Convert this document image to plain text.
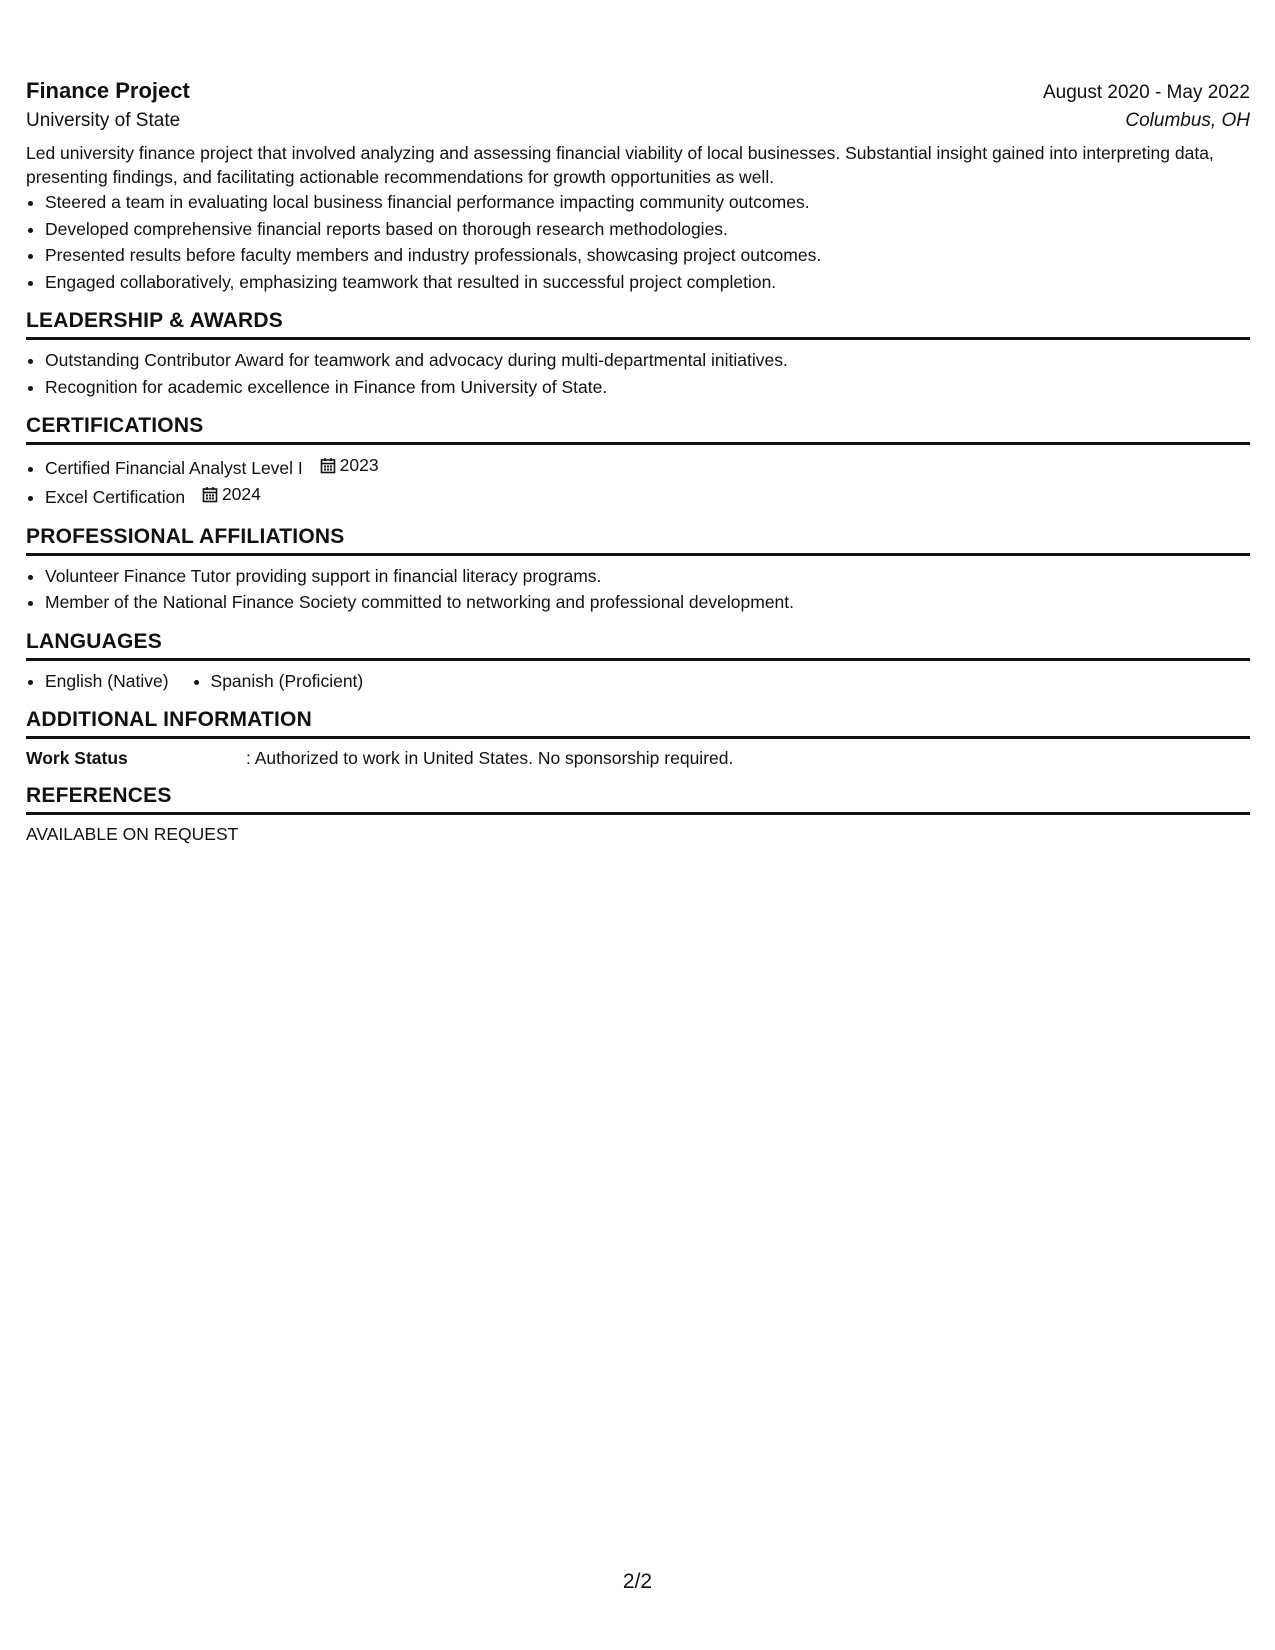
Finance Project	August 2020 - May 2022
University of State	Columbus, OH
Led university finance project that involved analyzing and assessing financial viability of local businesses. Substantial insight gained into interpreting data, presenting findings, and facilitating actionable recommendations for growth opportunities as well.
• Steered a team in evaluating local business financial performance impacting community outcomes.
• Developed comprehensive financial reports based on thorough research methodologies.
• Presented results before faculty members and industry professionals, showcasing project outcomes.
• Engaged collaboratively, emphasizing teamwork that resulted in successful project completion.
LEADERSHIP & AWARDS
• Outstanding Contributor Award for teamwork and advocacy during multi-departmental initiatives.
• Recognition for academic excellence in Finance from University of State.
CERTIFICATIONS
• Certified Financial Analyst Level I 2023
• Excel Certification 2024
PROFESSIONAL AFFILIATIONS
• Volunteer Finance Tutor providing support in financial literacy programs.
• Member of the National Finance Society committed to networking and professional development.
LANGUAGES
English (Native) Spanish (Proficient)
ADDITIONAL INFORMATION
Work Status	: Authorized to work in United States. No sponsorship required.
REFERENCES
AVAILABLE ON REQUEST
2/2
